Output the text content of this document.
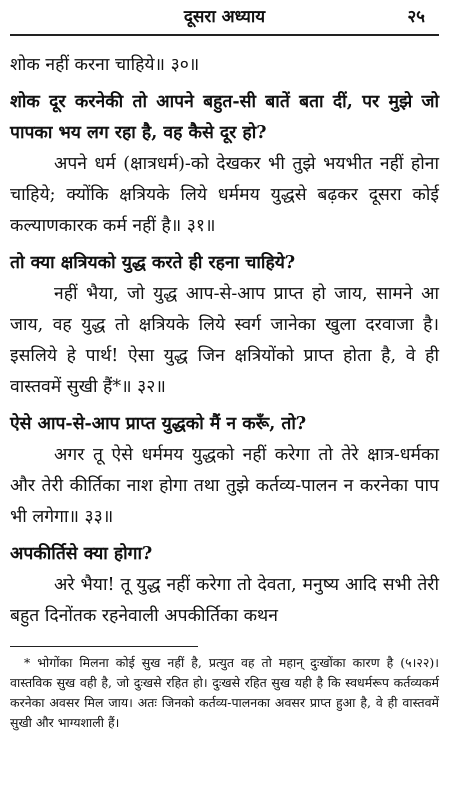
दूसरा अध्याय	२५

शोक नहीं करना चाहिये॥ ३०॥

शोक दूर करनेकी तो आपने बहुत-सी बातें बता दीं, पर मुझे जो पापका भय लग रहा है, वह कैसे दूर हो?

अपने धर्म (क्षात्रधर्म)-को देखकर भी तुझे भयभीत नहीं होना चाहिये; क्योंकि क्षत्रियके लिये धर्ममय युद्धसे बढ़कर दूसरा कोई कल्याणकारक कर्म नहीं है॥ ३१॥

तो क्या क्षत्रियको युद्ध करते ही रहना चाहिये?

नहीं भैया, जो युद्ध आप-से-आप प्राप्त हो जाय, सामने आ जाय, वह युद्ध तो क्षत्रियके लिये स्वर्ग जानेका खुला दरवाजा है। इसलिये हे पार्थ! ऐसा युद्ध जिन क्षत्रियोंको प्राप्त होता है, वे ही वास्तवमें सुखी हैं*॥ ३२॥

ऐसे आप-से-आप प्राप्त युद्धको मैं न करूँ, तो?

अगर तू ऐसे धर्ममय युद्धको नहीं करेगा तो तेरे क्षात्र-धर्मका और तेरी कीर्तिका नाश होगा तथा तुझे कर्तव्य-पालन न करनेका पाप भी लगेगा॥ ३३॥

अपकीर्तिसे क्या होगा?

अरे भैया! तू युद्ध नहीं करेगा तो देवता, मनुष्य आदि सभी तेरी बहुत दिनोंतक रहनेवाली अपकीर्तिका कथन

* भोगोंका मिलना कोई सुख नहीं है, प्रत्युत वह तो महान् दुःखोंका कारण है (५।२२)। वास्तविक सुख वही है, जो दुःखसे रहित हो। दुःखसे रहित सुख यही है कि स्वधर्मरूप कर्तव्यकर्म करनेका अवसर मिल जाय। अतः जिनको कर्तव्य-पालनका अवसर प्राप्त हुआ है, वे ही वास्तवमें सुखी और भाग्यशाली हैं।
